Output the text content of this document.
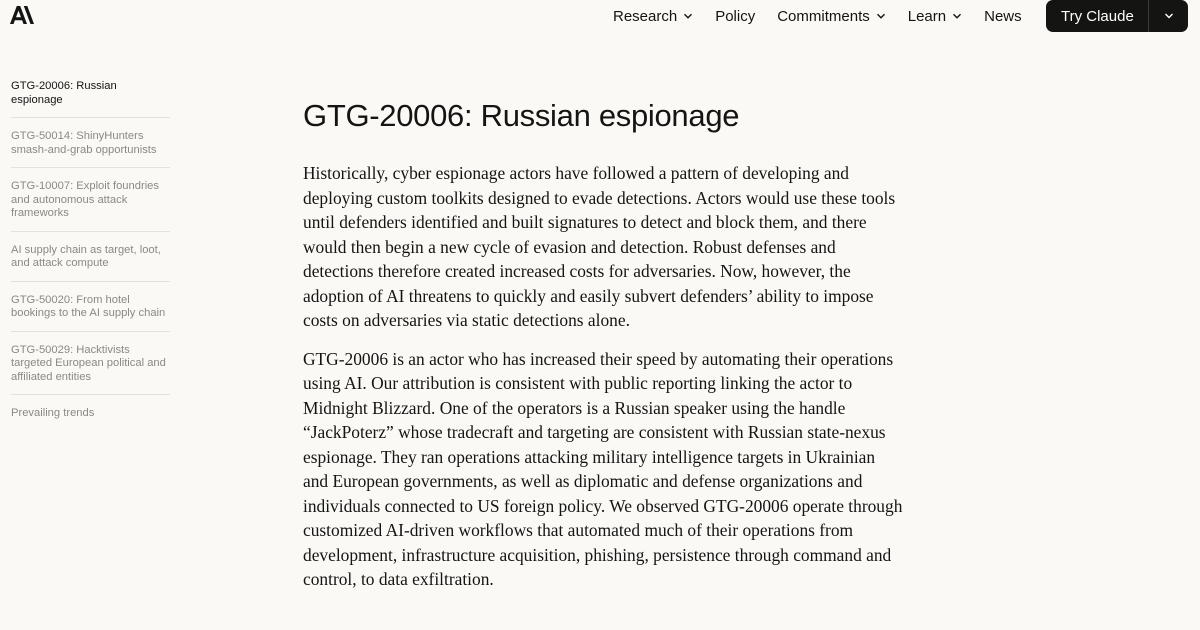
Research	Policy Commitments	Learn	News	Try Claude
GTG-20006: Russian espionage
GTG-50014: ShinyHunters smash-and-grab opportunists
GTG-10007: Exploit foundries and autonomous attack frameworks
AI supply chain as target, loot, and attack compute
GTG-50020: From hotel bookings to the AI supply chain
GTG-50029: Hacktivists targeted European political and affiliated entities
Prevailing trends
GTG-20006: Russian espionage

Historically, cyber espionage actors have followed a pattern of developing and deploying custom toolkits designed to evade detections. Actors would use these tools until defenders identified and built signatures to detect and block them, and there would then begin a new cycle of evasion and detection. Robust defenses and detections therefore created increased costs for adversaries. Now, however, the adoption of AI threatens to quickly and easily subvert defenders’ ability to impose costs on adversaries via static detections alone.

GTG-20006 is an actor who has increased their speed by automating their operations using AI. Our attribution is consistent with public reporting linking the actor to Midnight Blizzard. One of the operators is a Russian speaker using the handle “JackPoterz” whose tradecraft and targeting are consistent with Russian state-nexus espionage. They ran operations attacking military intelligence targets in Ukrainian and European governments, as well as diplomatic and defense organizations and individuals connected to US foreign policy. We observed GTG-20006 operate through customized AI-driven workflows that automated much of their operations from development, infrastructure acquisition, phishing, persistence through command and control, to data exfiltration.
